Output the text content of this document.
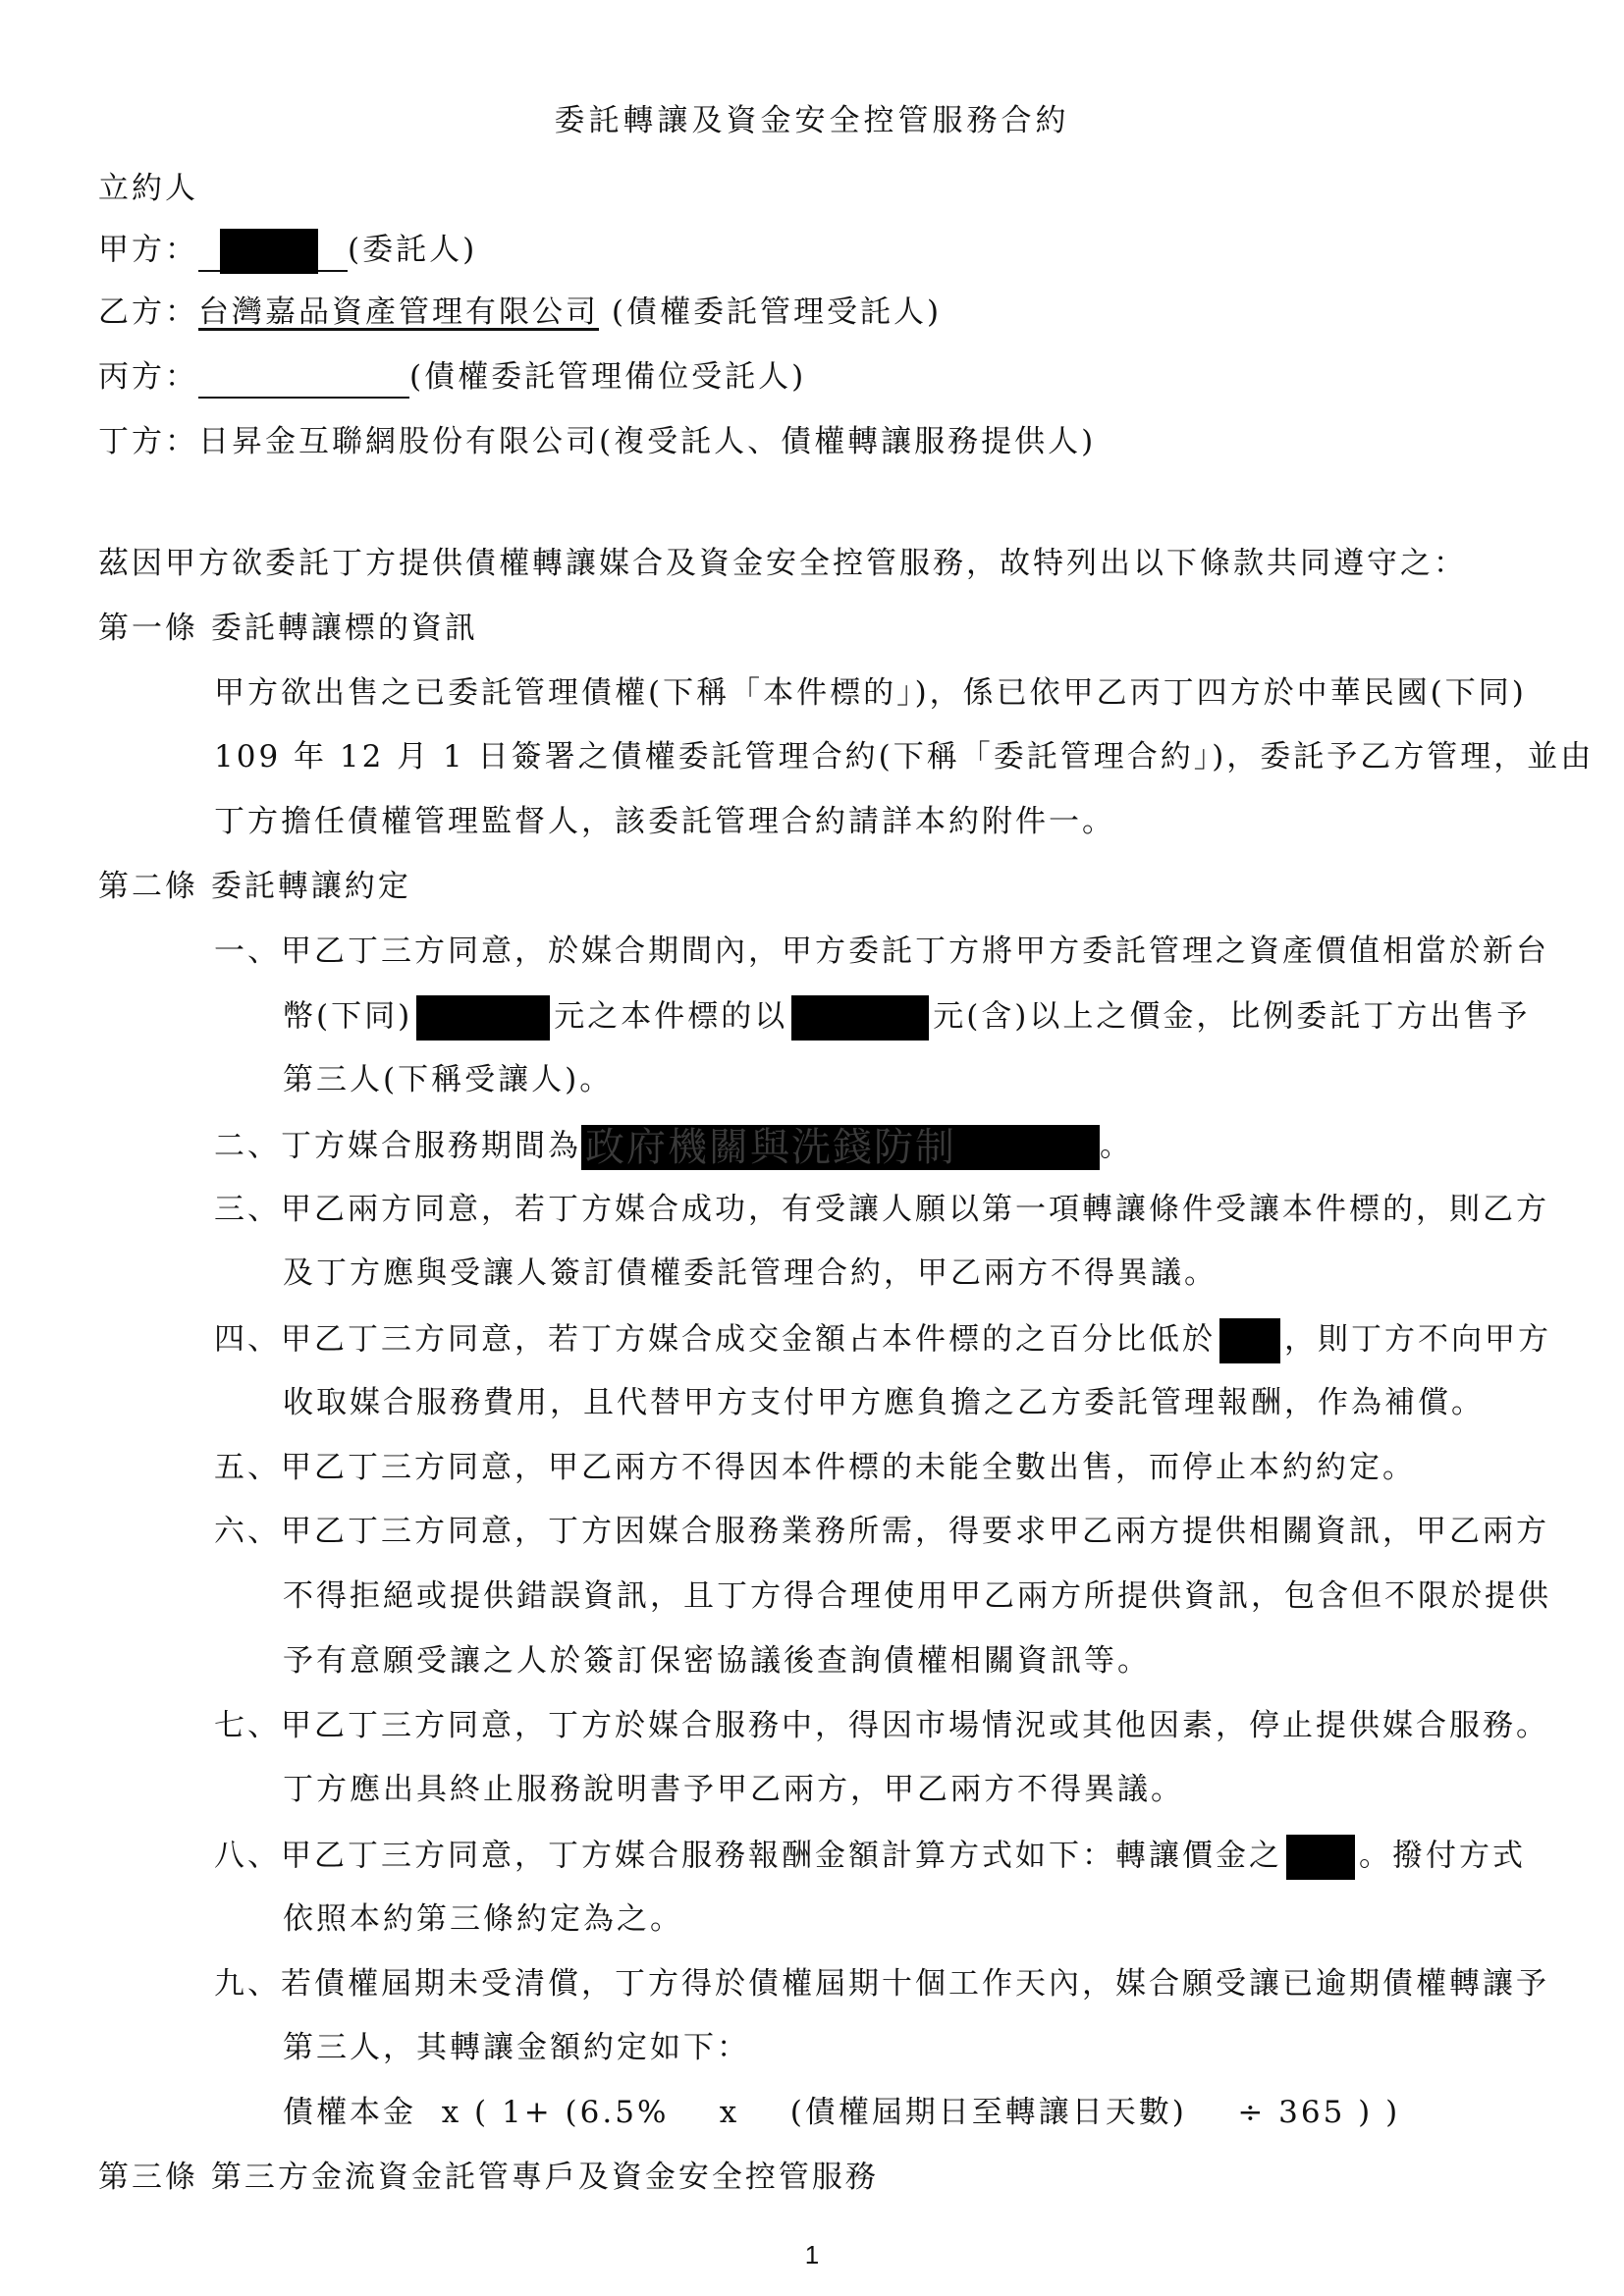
委託轉讓及資金安全控管服務合約
立約人
甲方：	(委託人)
乙方：台灣嘉品資產管理有限公司 (債權委託管理受託人)
丙方：	(債權委託管理備位受託人)
丁方：日昇金互聯網股份有限公司(複受託人、債權轉讓服務提供人)
茲因甲方欲委託丁方提供債權轉讓媒合及資金安全控管服務，故特列出以下條款共同遵守之：
第一條 委託轉讓標的資訊
甲方欲出售之已委託管理債權(下稱「本件標的」)，係已依甲乙丙丁四方於中華民國(下同)
109 年 12 月 1 日簽署之債權委託管理合約(下稱「委託管理合約」)，委託予乙方管理，並由
丁方擔任債權管理監督人，該委託管理合約請詳本約附件一。
第二條 委託轉讓約定
一、甲乙丁三方同意，於媒合期間內，甲方委託丁方將甲方委託管理之資產價值相當於新台
幣(下同)	元之本件標的以	元(含)以上之價金，比例委託丁方出售予
第三人(下稱受讓人)。
二、丁方媒合服務期間為 政府機關與洗錢防制	。
三、甲乙兩方同意，若丁方媒合成功，有受讓人願以第一項轉讓條件受讓本件標的，則乙方
及丁方應與受讓人簽訂債權委託管理合約，甲乙兩方不得異議。
四、甲乙丁三方同意，若丁方媒合成交金額占本件標的之百分比低於 ，則丁方不向甲方
收取媒合服務費用，且代替甲方支付甲方應負擔之乙方委託管理報酬，作為補償。
五、甲乙丁三方同意，甲乙兩方不得因本件標的未能全數出售，而停止本約約定。
六、甲乙丁三方同意，丁方因媒合服務業務所需，得要求甲乙兩方提供相關資訊，甲乙兩方
不得拒絕或提供錯誤資訊，且丁方得合理使用甲乙兩方所提供資訊，包含但不限於提供
予有意願受讓之人於簽訂保密協議後查詢債權相關資訊等。
七、甲乙丁三方同意，丁方於媒合服務中，得因市場情況或其他因素，停止提供媒合服務。
丁方應出具終止服務說明書予甲乙兩方，甲乙兩方不得異議。
八、甲乙丁三方同意，丁方媒合服務報酬金額計算方式如下：轉讓價金之	。撥付方式
依照本約第三條約定為之。
九、若債權屆期未受清償，丁方得於債權屆期十個工作天內，媒合願受讓已逾期債權轉讓予
第三人，其轉讓金額約定如下：
債權本金  x ( 1+ (6.5%    x    (債權屆期日至轉讓日天數)    ÷ 365 ) )
第三條 第三方金流資金託管專戶及資金安全控管服務
1
